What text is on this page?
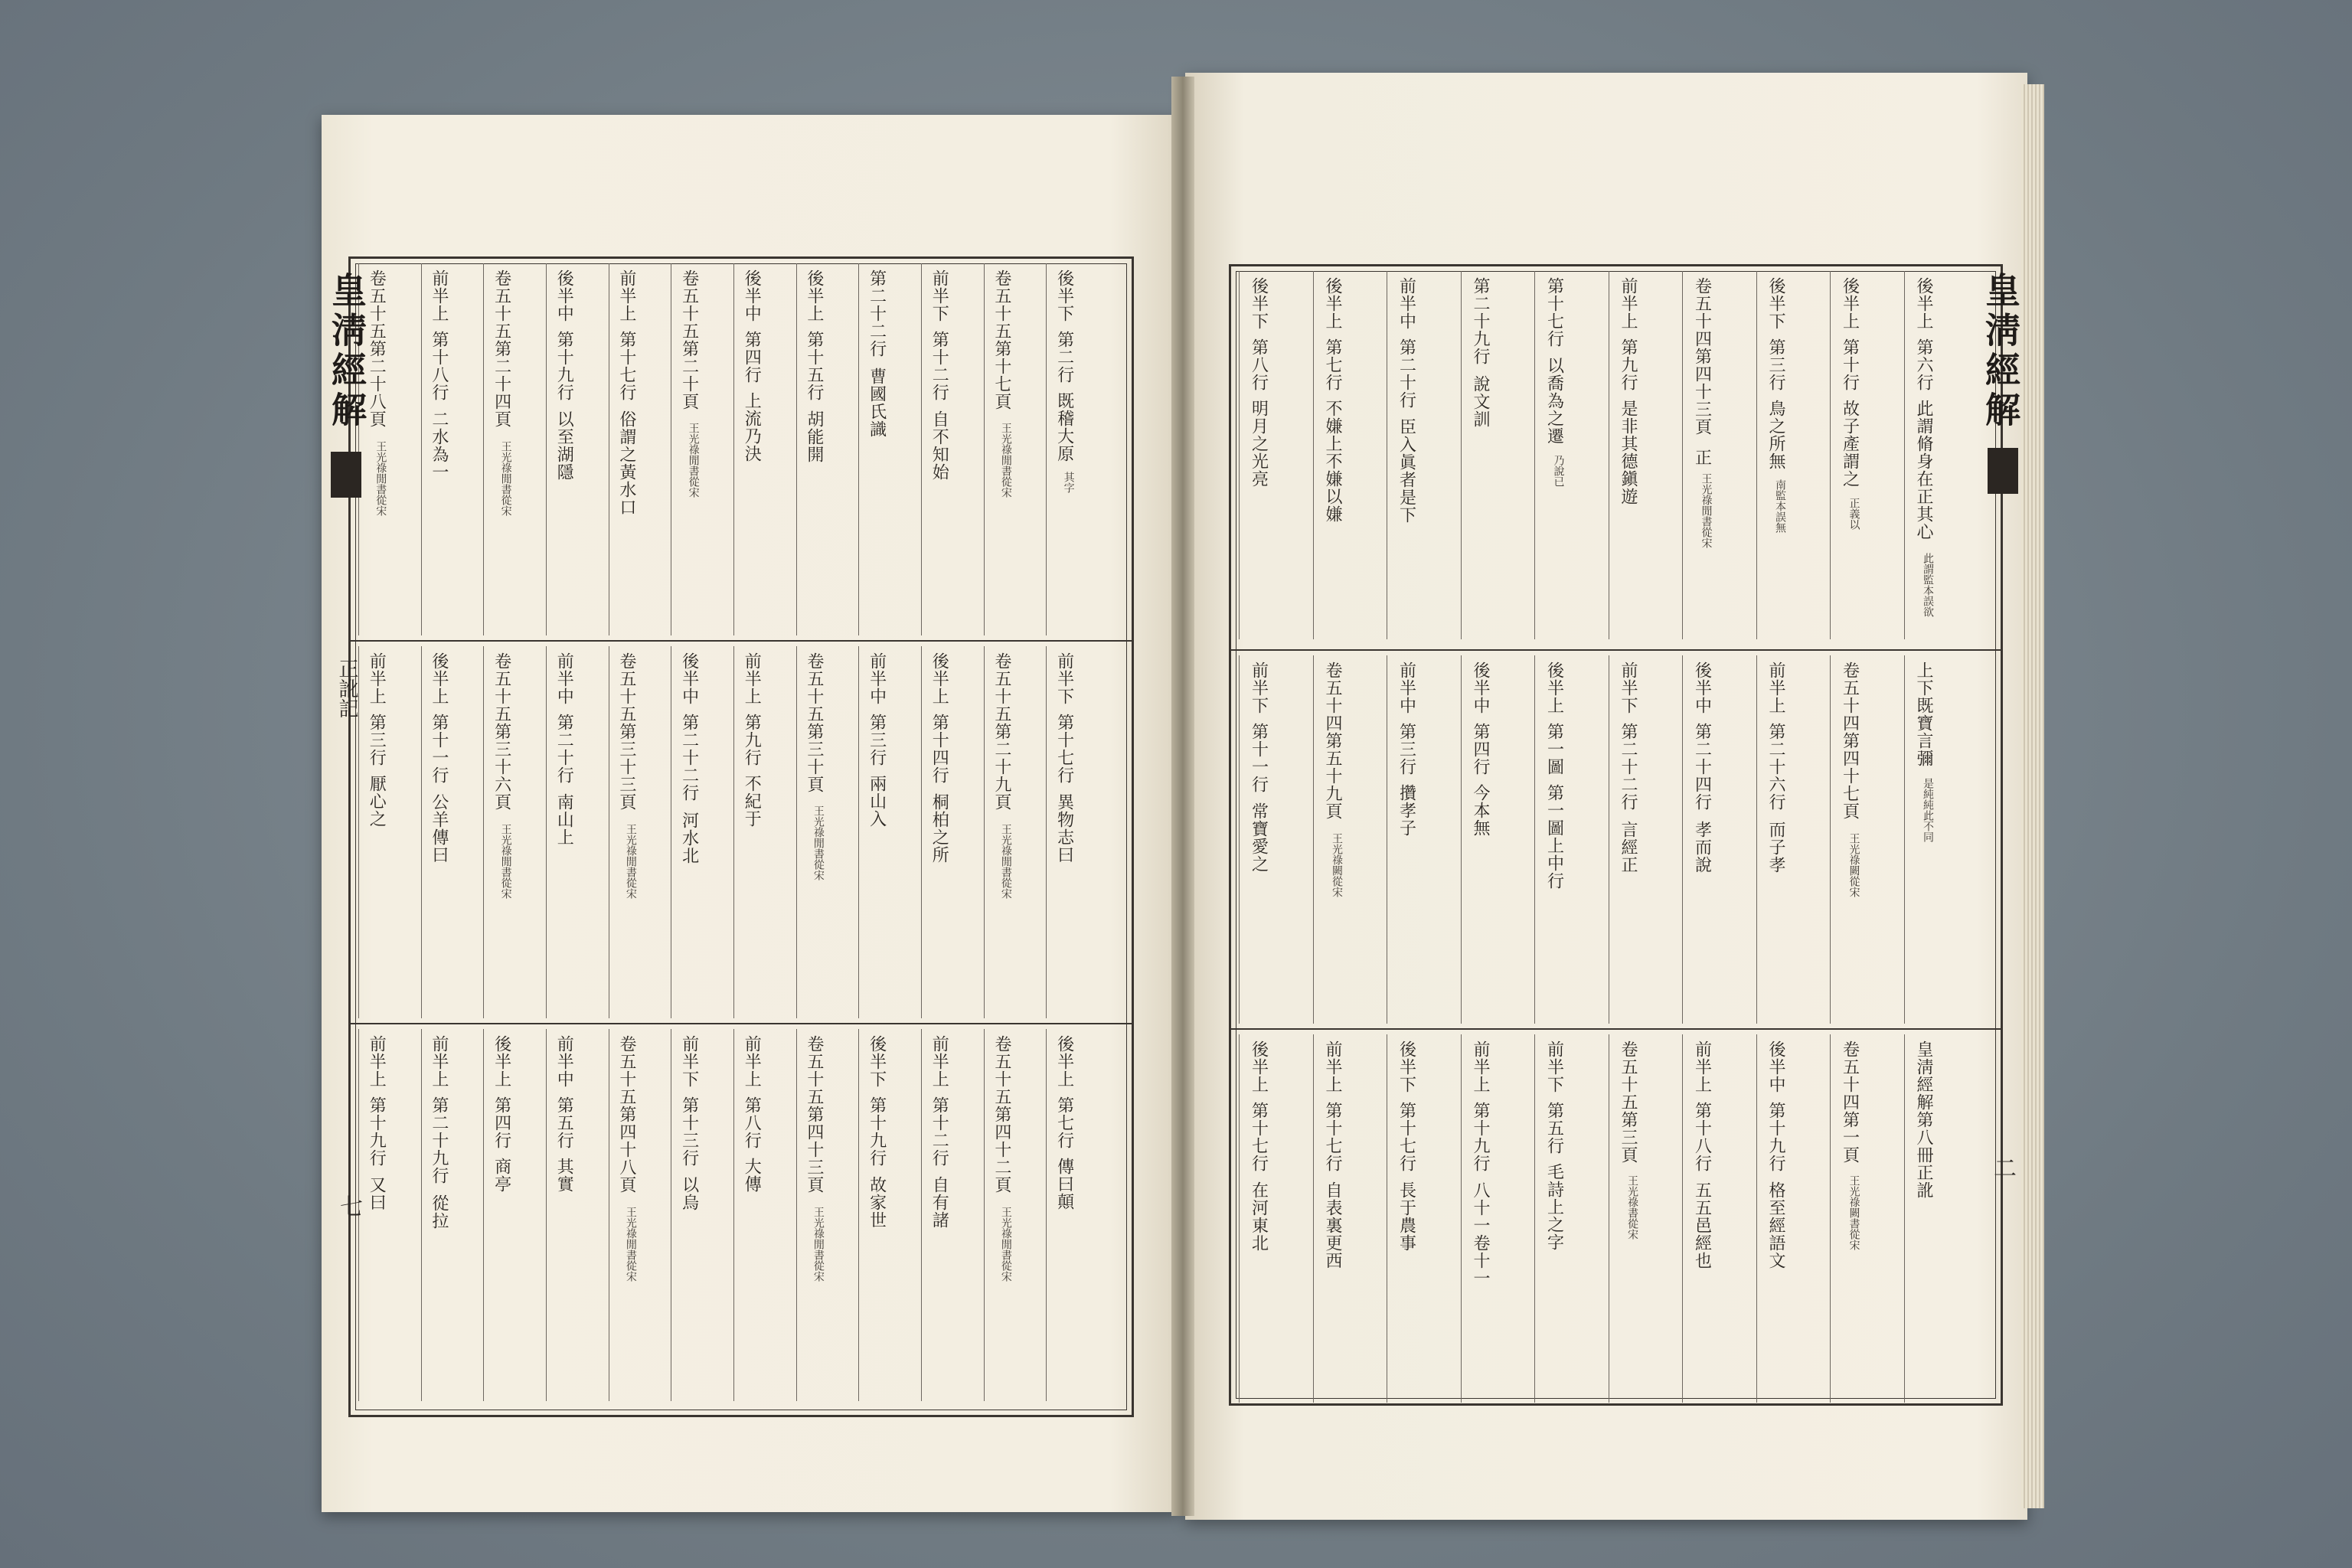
後半下
第二行
既稽大原
其字
卷五十五第十七頁
王光祿閒書從宋
前半下
第十二行
自不知始
第二十二行
曹國氏識
後半上
第十五行
胡能開
後半中
第四行
上流乃決
卷五十五第二十頁
王光祿閒書從宋
前半上
第十七行
俗謂之黃水口
後半中
第十九行
以至湖隱
卷五十五第二十四頁
王光祿閒書從宋
前半上
第十八行
二水為一
卷五十五第二十八頁
王光祿閒書從宋
前半下
第十七行
異物志曰
卷五十五第二十九頁
王光祿閒書從宋
後半上
第十四行
桐柏之所
前半中
第三行
兩山入
卷五十五第三十頁
王光祿閒書從宋
前半上
第九行
不紀于
後半中
第二十二行
河水北
卷五十五第三十三頁
王光祿閒書從宋
前半中
第二十行
南山上
卷五十五第三十六頁
王光祿閒書從宋
後半上
第十一行
公羊傳曰
前半上
第三行
厭心之
後半上
第七行
傳曰顛
卷五十五第四十二頁
王光祿閒書從宋
前半上
第十二行
自有諸
後半下
第十九行
故家世
卷五十五第四十三頁
王光祿閒書從宋
前半上
第八行
大傳
前半下
第十三行
以烏
卷五十五第四十八頁
王光祿閒書從宋
前半中
第五行
其實
後半上
第四行
商亭
前半上
第二十九行
從拉
前半上
第十九行
又曰
皇淸經解
正訛記
七
後半上
第六行
此謂脩身在正其心
此謂監本誤欲
後半上
第十行
故子產謂之
正義以
後半下
第三行
鳥之所無
南監本誤無
卷五十四第四十三頁
正
王光祿閒書從宋
前半上
第九行
是非其德鎭遊
第十七行
以喬為之遷
乃說已
第二十九行
說文訓
前半中
第二十行
臣入眞者是下
後半上
第七行
不嫌上不嫌以嫌
後半下
第八行
明月之光亮
上下既寶言彌
是純純此不同
卷五十四第四十七頁
王光祿闕從宋
前半上
第二十六行
而子孝
後半中
第二十四行
孝而說
前半下
第二十二行
言經正
後半上
第一圖
第一圖上中行
後半中
第四行
今本無
前半中
第三行
攢孝子
卷五十四第五十九頁
王光祿闕從宋
前半下
第十一行
常寶愛之
皇淸經解第八冊正訛
卷五十四第一頁
王光祿闕書從宋
後半中
第十九行
格至經語文
前半上
第十八行
五五邑經也
卷五十五第三頁
王光祿書從宋
前半下
第五行
毛詩上之字
前半上
第十九行
八十一卷十一
後半下
第十七行
長于農事
前半上
第十七行
自表裏更西
後半上
第十七行
在河東北
皇淸經解
二
